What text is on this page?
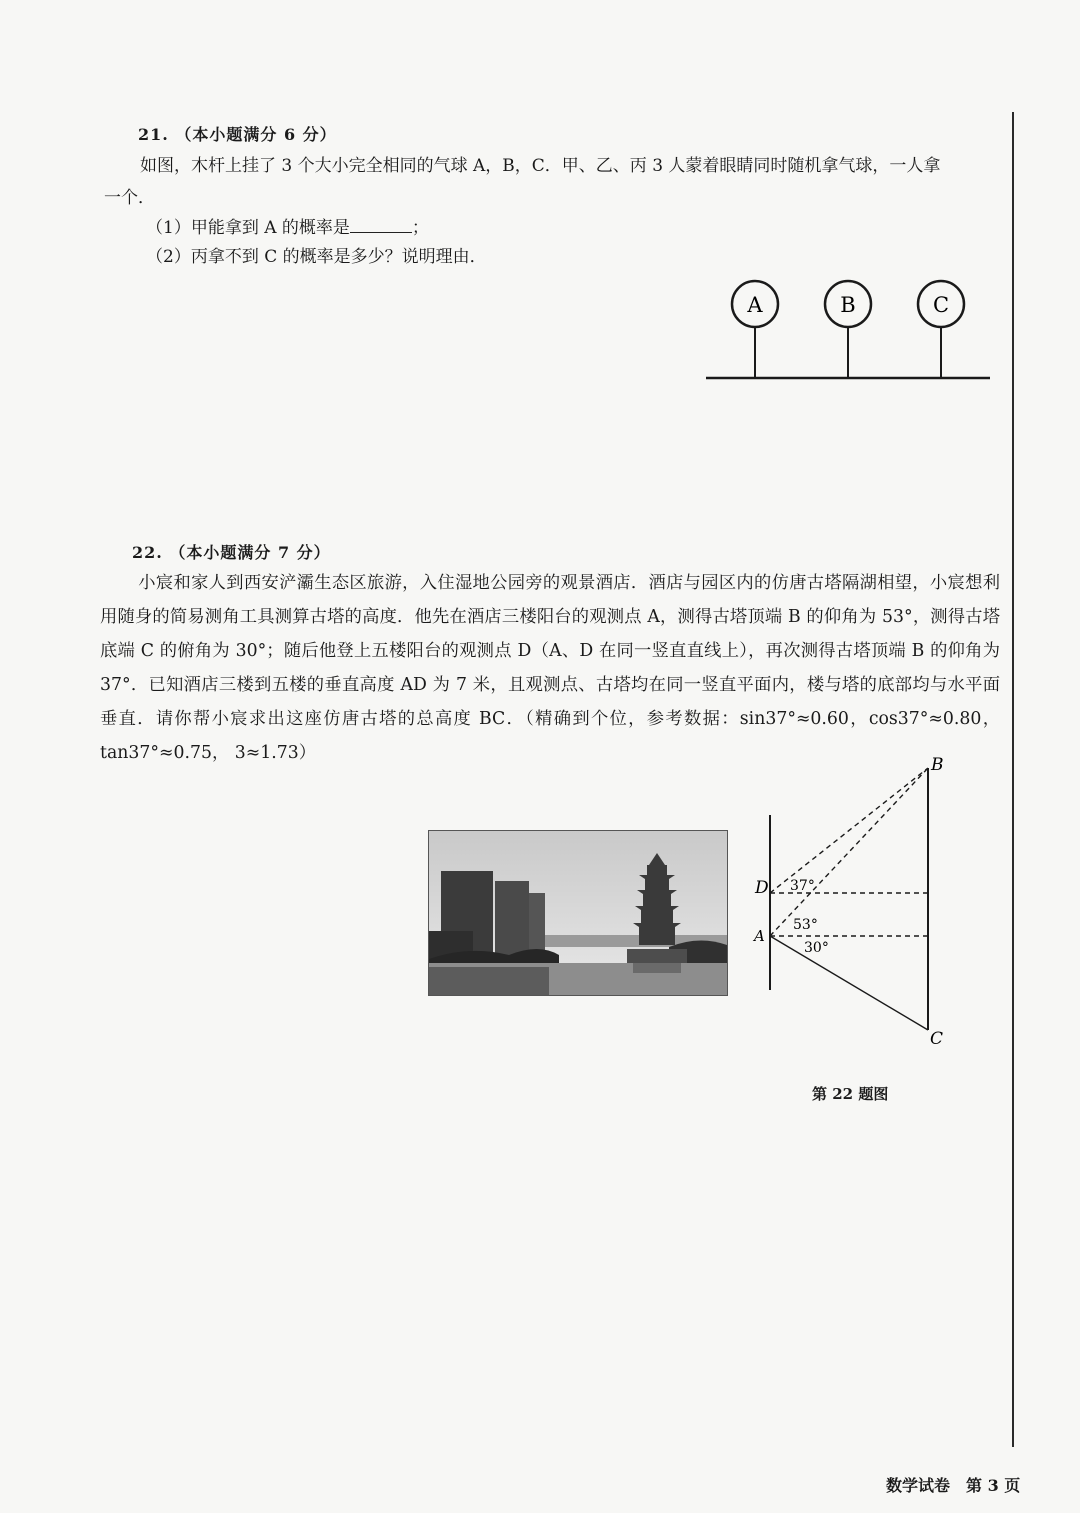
21. （本小题满分 6 分）

如图，木杆上挂了 3 个大小完全相同的气球 A，B，C．甲、乙、丙 3 人蒙着眼睛同时随机拿气球，一人拿

一个．

（1）甲能拿到 A 的概率是	；

（2）丙拿不到 C 的概率是多少？说明理由．

A	B	C

22. （本小题满分 7 分）

小宸和家人到西安浐灞生态区旅游，入住湿地公园旁的观景酒店．酒店与园区内的仿唐古塔隔湖相望，小宸想利用随身的简易测角工具测算古塔的高度．他先在酒店三楼阳台的观测点 A，测得古塔顶端 B 的仰角为 53°，测得古塔底端 C 的俯角为 30°；随后他登上五楼阳台的观测点 D（A、D 在同一竖直直线上），再次测得古塔顶端 B 的仰角为 37°．已知酒店三楼到五楼的垂直高度 AD 为 7 米，且观测点、古塔均在同一竖直平面内，楼与塔的底部均与水平面垂直．请你帮小宸求出这座仿唐古塔的总高度 BC．（精确到个位，参考数据：sin37°≈0.60，cos37°≈0.80，tan37°≈0.75， 3≈1.73）

B
C
D
A
37°
53°
30°

第 22 题图

数学试卷　第 3 页
